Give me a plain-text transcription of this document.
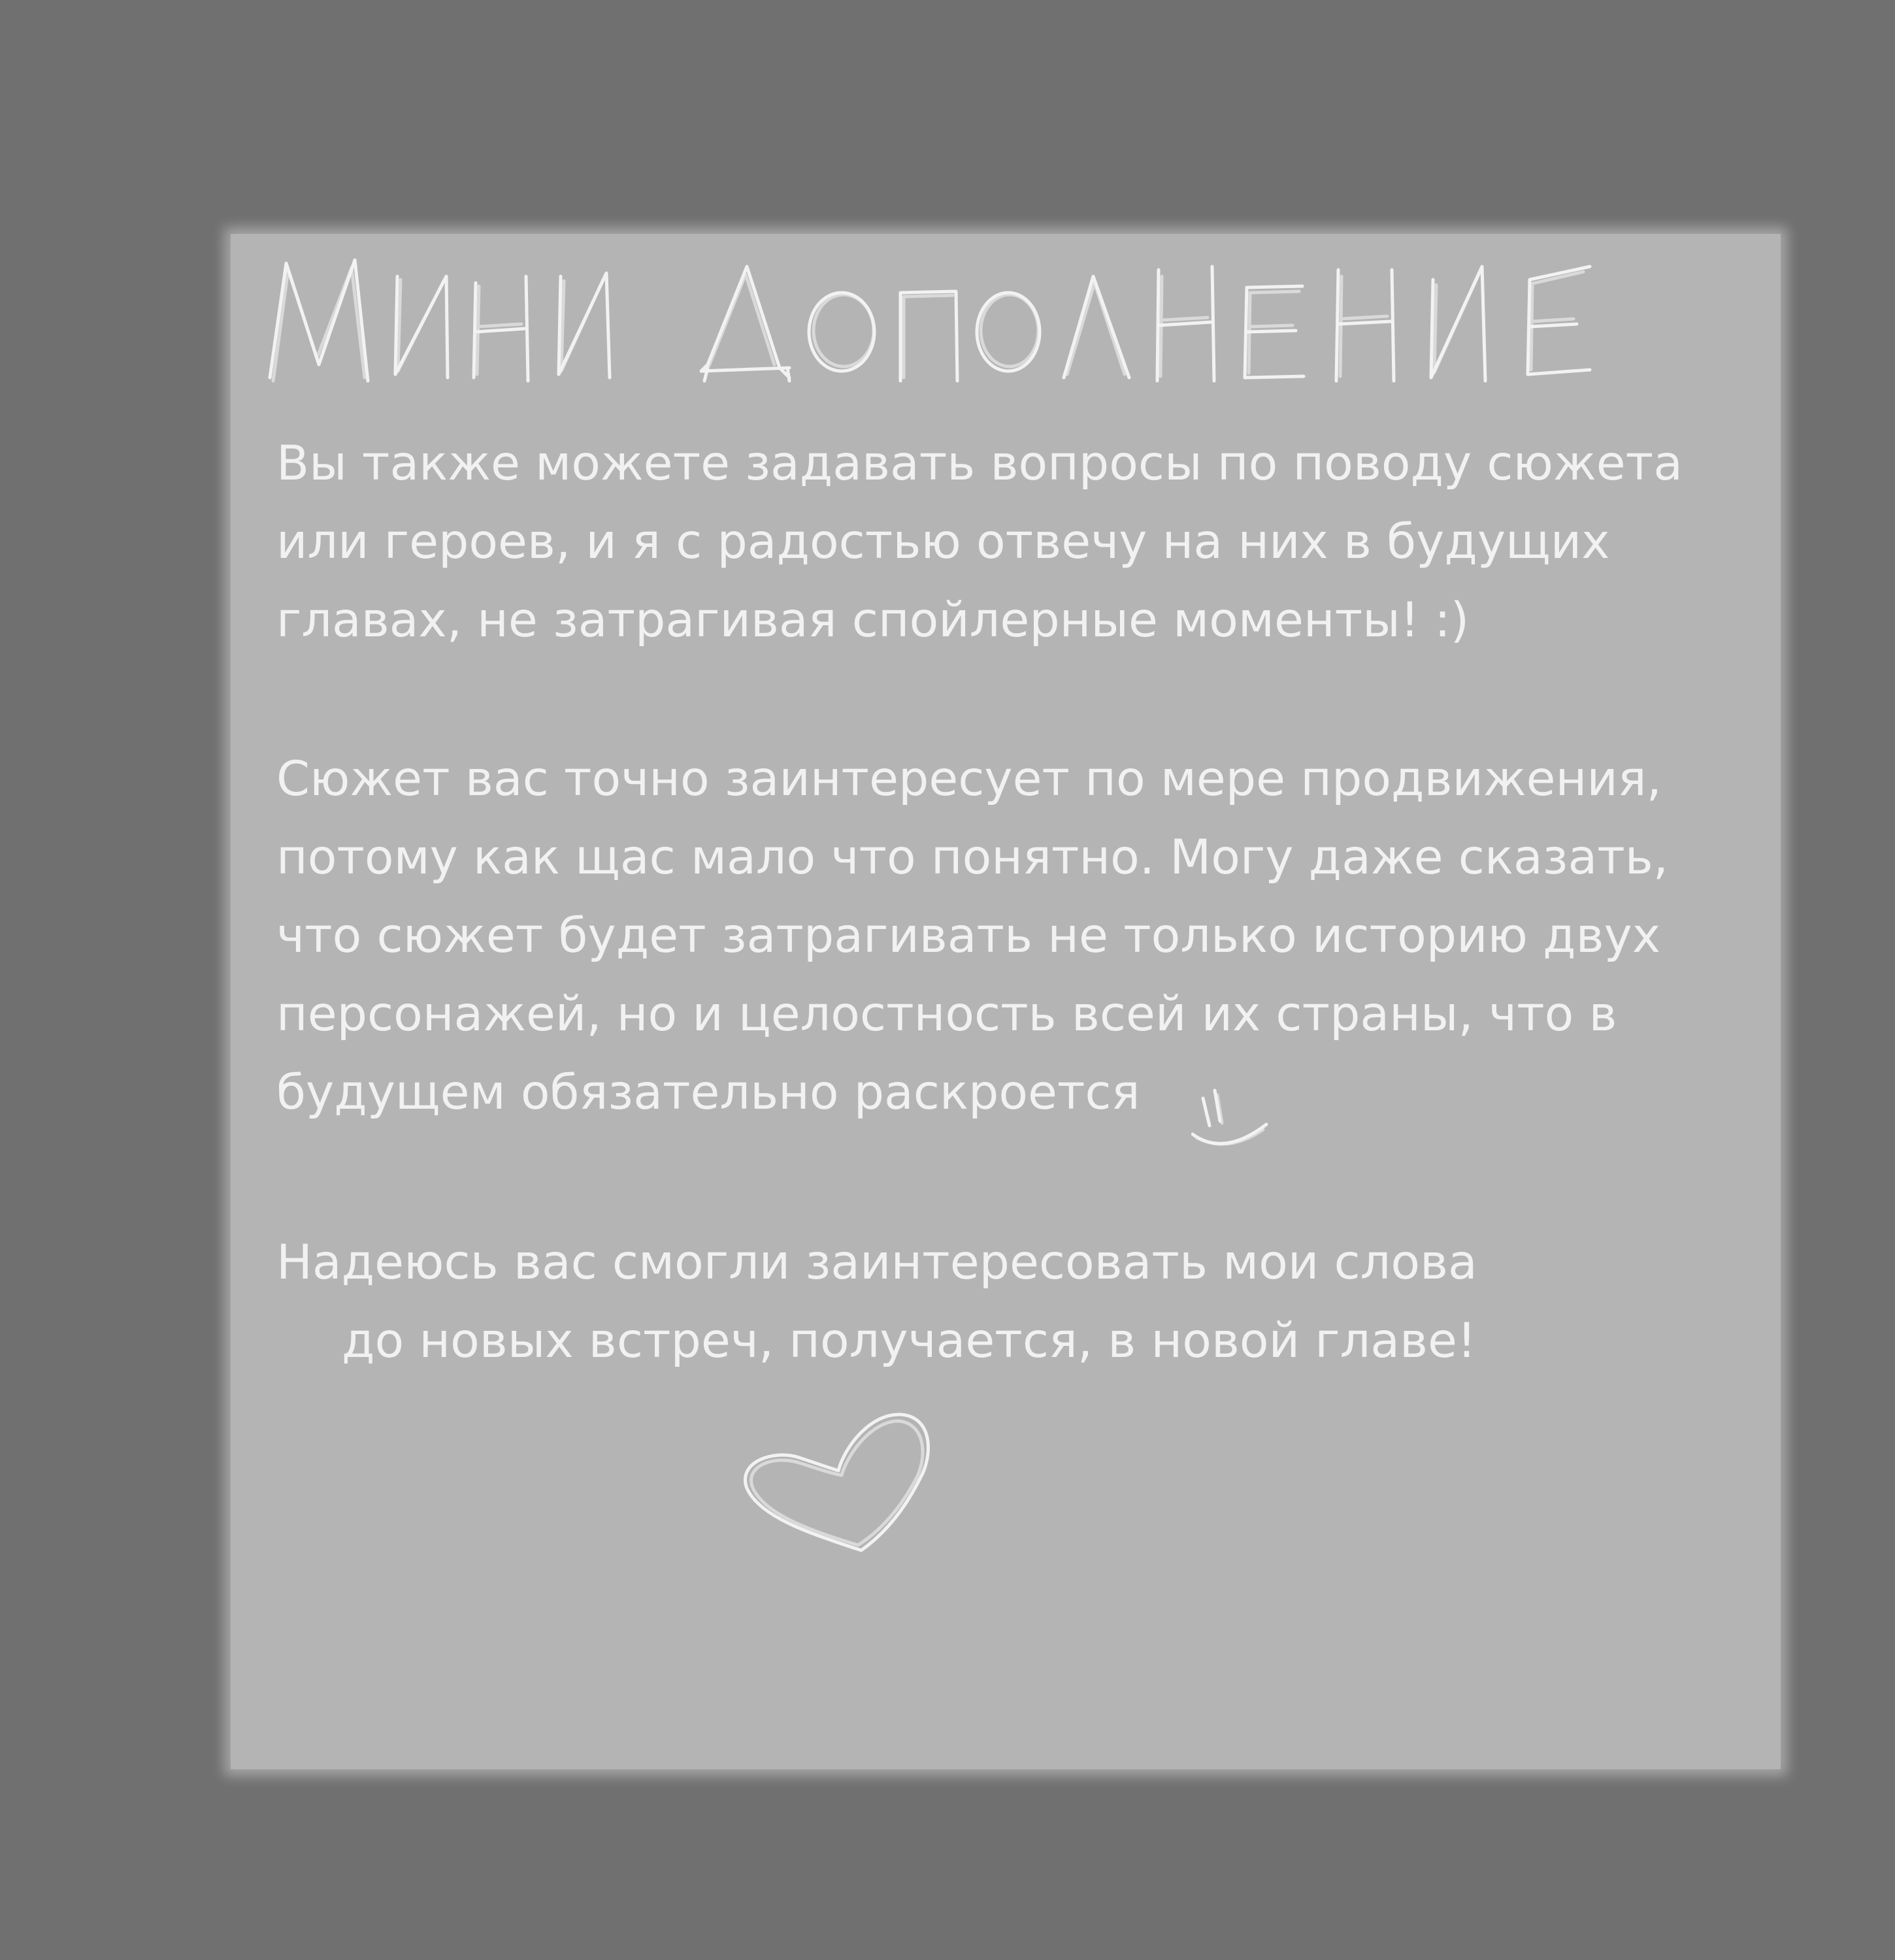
Вы также можете задавать вопросы по поводу сюжета
или героев, и я с радостью отвечу на них в будущих
главах, не затрагивая спойлерные моменты! :)

Сюжет вас точно заинтересует по мере продвижения,
потому как щас мало что понятно. Могу даже сказать,
что сюжет будет затрагивать не только историю двух
персонажей, но и целостность всей их страны, что в
будущем обязательно раскроется

Надеюсь вас смогли заинтересовать мои слова
до новых встреч, получается, в новой главе!
